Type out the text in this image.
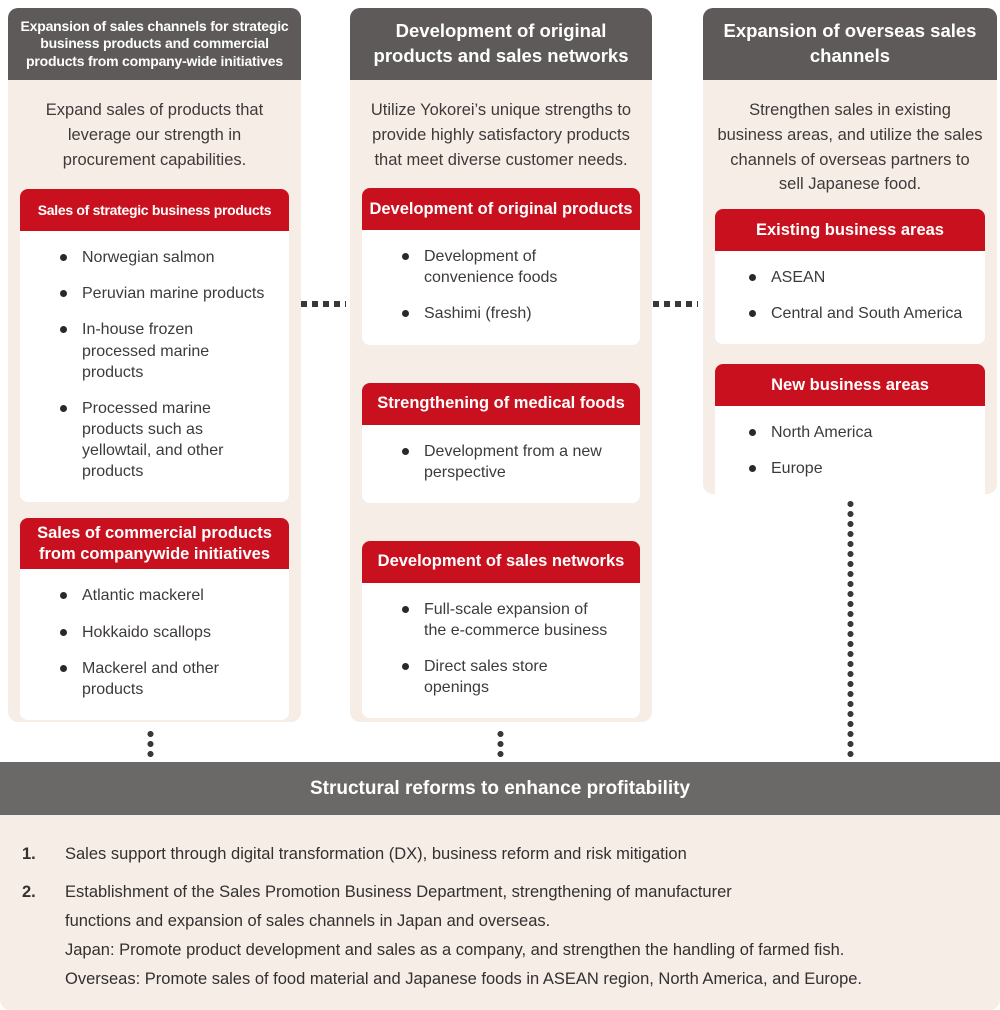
Expansion of sales channels for strategic business products and commercial products from company-wide initiatives

Expand sales of products that leverage our strength in procurement capabilities.

Sales of strategic business products
Norwegian salmon
Peruvian marine products
In-house frozen processed marine products
Processed marine products such as yellowtail, and other products
Sales of commercial products from companywide initiatives
Atlantic mackerel
Hokkaido scallops
Mackerel and other products
Development of original products and sales networks

Utilize Yokorei’s unique strengths to provide highly satisfactory products that meet diverse customer needs.

Development of original products
Development of convenience foods
Sashimi (fresh)
Strengthening of medical foods
Development from a new perspective
Development of sales networks
Full-scale expansion of the e-commerce business
Direct sales store openings
Expansion of overseas sales channels

Strengthen sales in existing business areas, and utilize the sales channels of overseas partners to sell Japanese food.

Existing business areas
ASEAN
Central and South America
New business areas
North America
Europe
Structural reforms to enhance profitability
1.	Sales support through digital transformation (DX), business reform and risk mitigation
2.	Establishment of the Sales Promotion Business Department, strengthening of manufacturer
functions and expansion of sales channels in Japan and overseas.
Japan: Promote product development and sales as a company, and strengthen the handling of farmed fish.
Overseas: Promote sales of food material and Japanese foods in ASEAN region, North America, and Europe.
